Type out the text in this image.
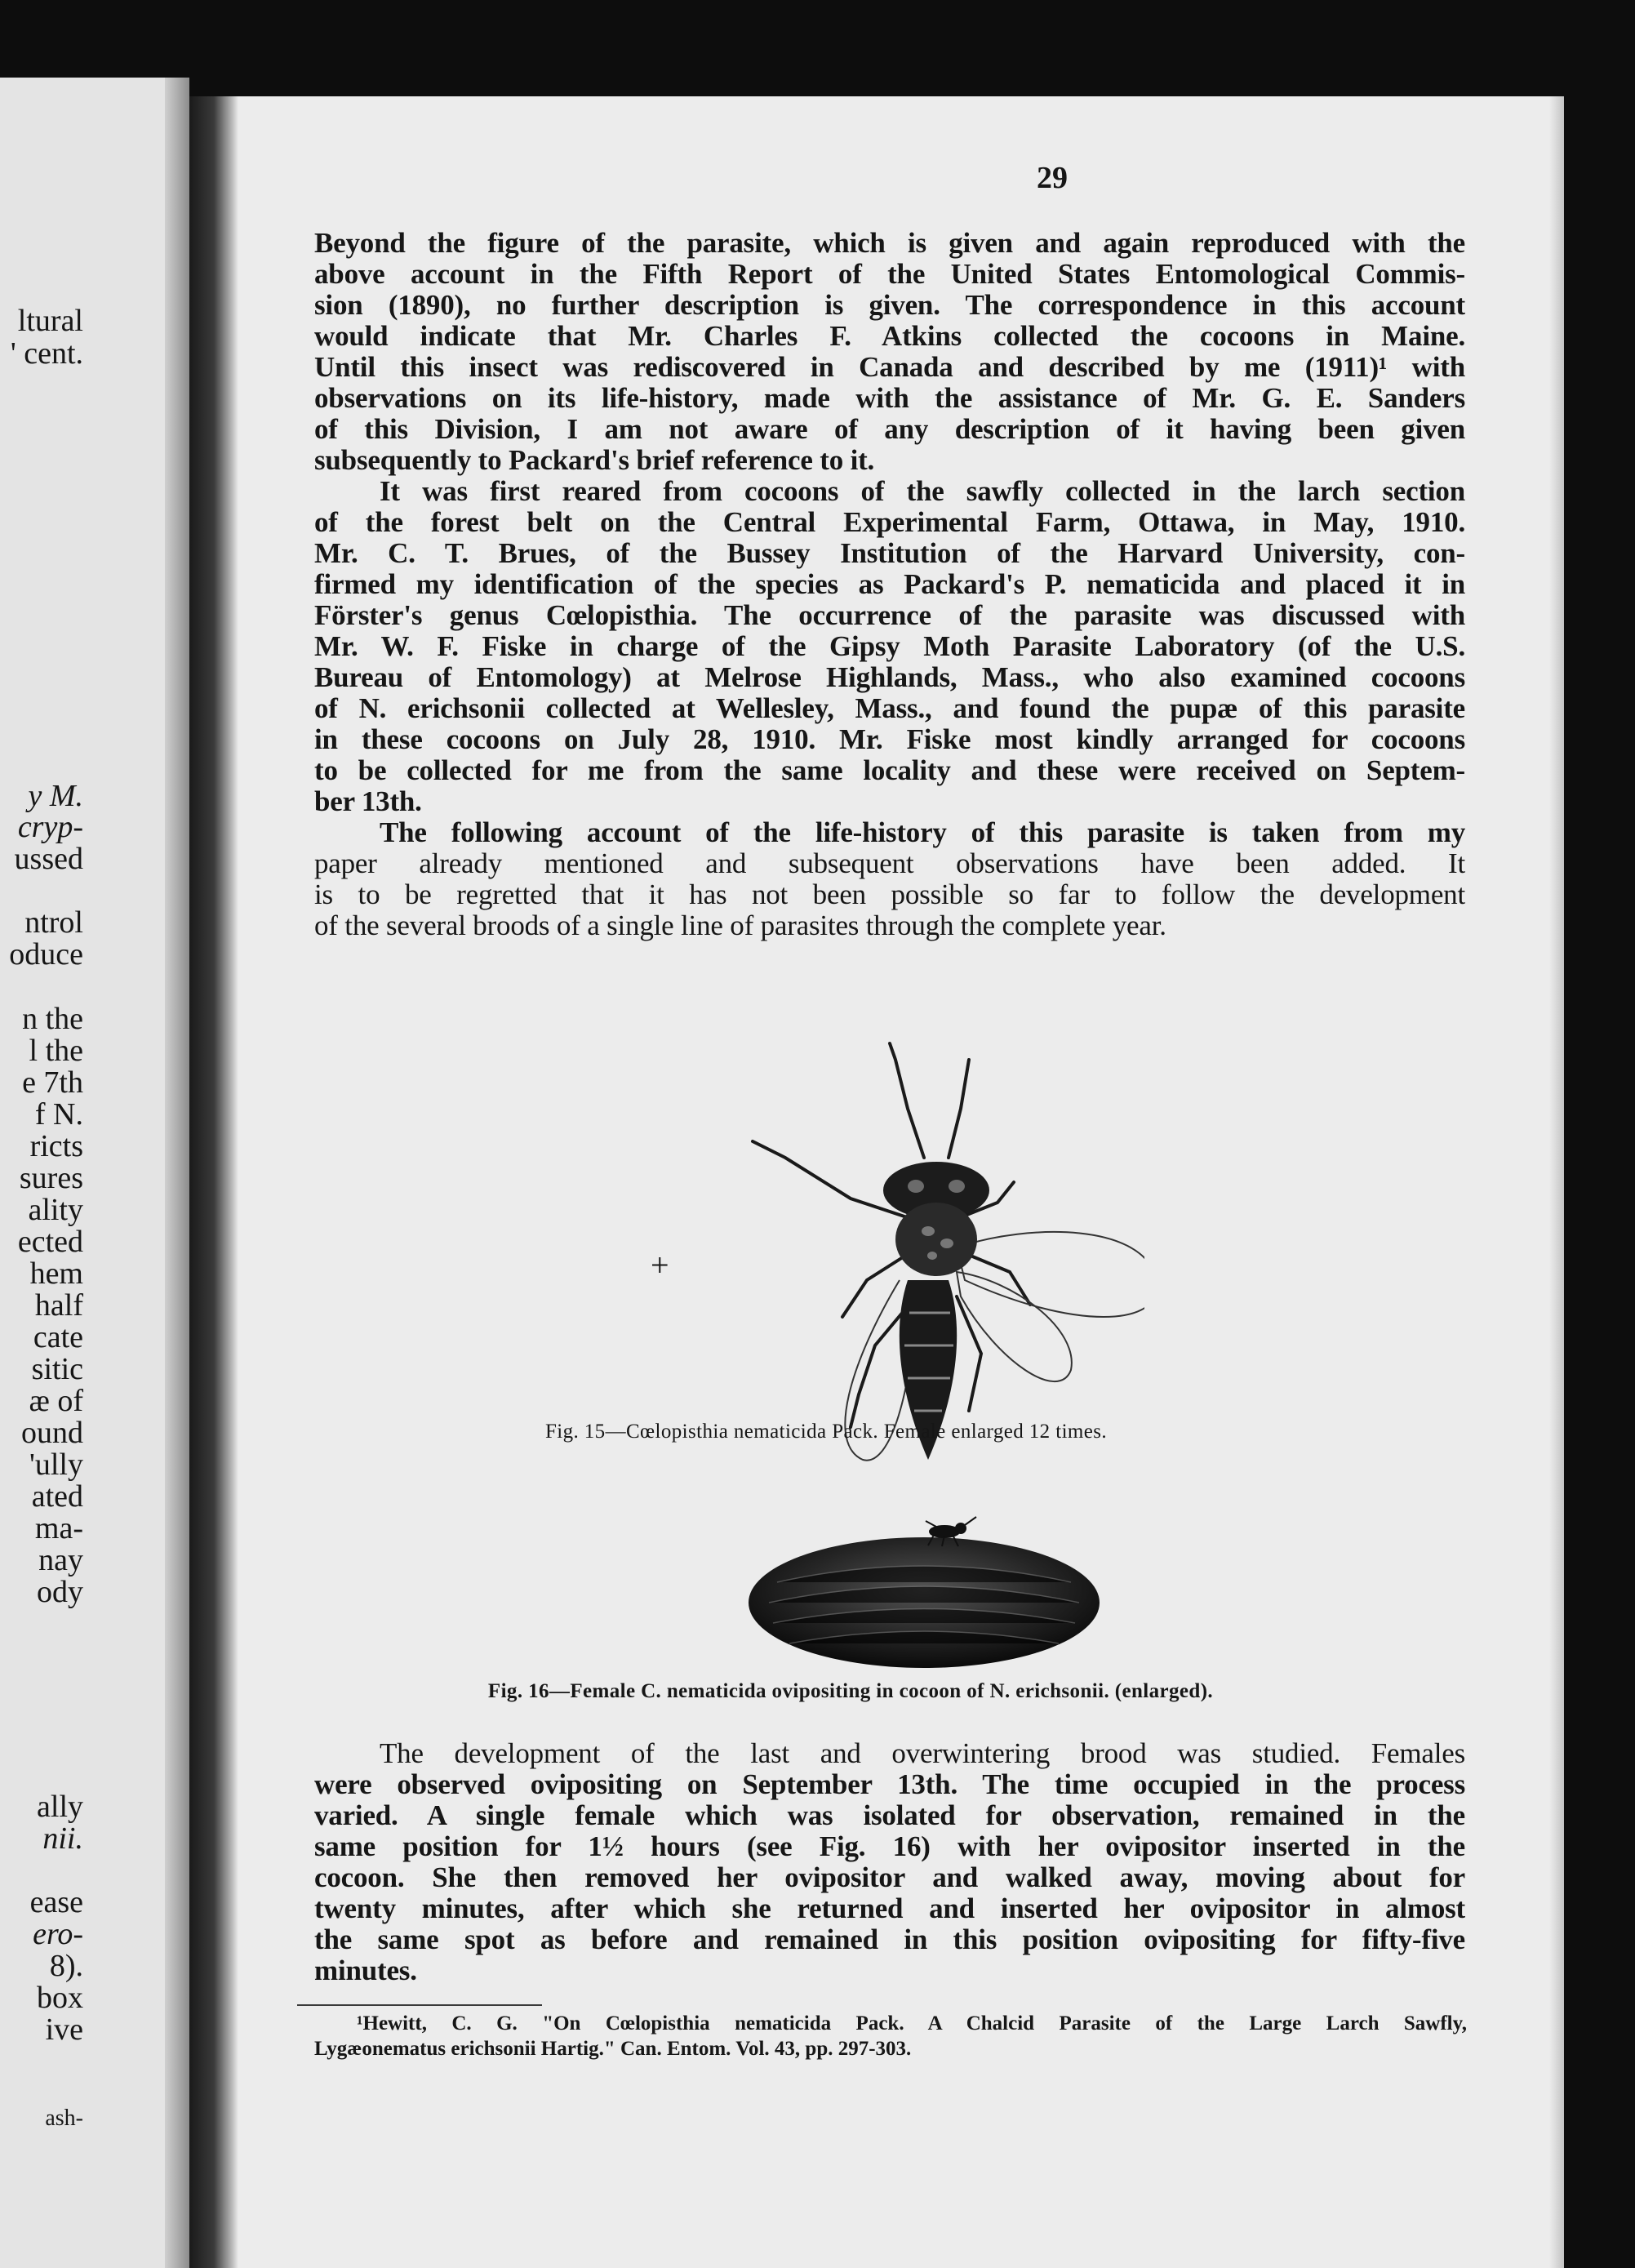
ltural
' cent.
y M.
cryp-
ussed
ntrol
oduce
n the
l the
e 7th
f N.
ricts
sures
ality
ected
hem
half
cate
sitic
æ of
ound
'ully
ated
ma-
nay
ody
ally
nii.
ease
ero-
8).
box
ive
ash-
29

Beyond the figure of the parasite, which is given and again reproduced with the

above account in the Fifth Report of the United States Entomological Commis-

sion (1890), no further description is given. The correspondence in this account

would indicate that Mr. Charles F. Atkins collected the cocoons in Maine.

Until this insect was rediscovered in Canada and described by me (1911)¹ with

observations on its life-history, made with the assistance of Mr. G. E. Sanders

of this Division, I am not aware of any description of it having been given

subsequently to Packard's brief reference to it.

It was first reared from cocoons of the sawfly collected in the larch section

of the forest belt on the Central Experimental Farm, Ottawa, in May, 1910.

Mr. C. T. Brues, of the Bussey Institution of the Harvard University, con-

firmed my identification of the species as Packard's P. nematicida and placed it in

Förster's genus Cœlopisthia. The occurrence of the parasite was discussed with

Mr. W. F. Fiske in charge of the Gipsy Moth Parasite Laboratory (of the U.S.

Bureau of Entomology) at Melrose Highlands, Mass., who also examined cocoons

of N. erichsonii collected at Wellesley, Mass., and found the pupæ of this parasite

in these cocoons on July 28, 1910. Mr. Fiske most kindly arranged for cocoons

to be collected for me from the same locality and these were received on Septem-

ber 13th.

The following account of the life-history of this parasite is taken from my

paper already mentioned and subsequent observations have been added. It

is to be regretted that it has not been possible so far to follow the development

of the several broods of a single line of parasites through the complete year.

+
Fig. 15—Cœlopisthia nematicida Pack. Female enlarged 12 times.
Fig. 16—Female C. nematicida ovipositing in cocoon of N. erichsonii. (enlarged).

The development of the last and overwintering brood was studied. Females

were observed ovipositing on September 13th. The time occupied in the process

varied. A single female which was isolated for observation, remained in the

same position for 1½ hours (see Fig. 16) with her ovipositor inserted in the

cocoon. She then removed her ovipositor and walked away, moving about for

twenty minutes, after which she returned and inserted her ovipositor in almost

the same spot as before and remained in this position ovipositing for fifty-five

minutes.

¹Hewitt, C. G. "On Cœlopisthia nematicida Pack. A Chalcid Parasite of the Large Larch Sawfly,
Lygæonematus erichsonii Hartig." Can. Entom. Vol. 43, pp. 297-303.
